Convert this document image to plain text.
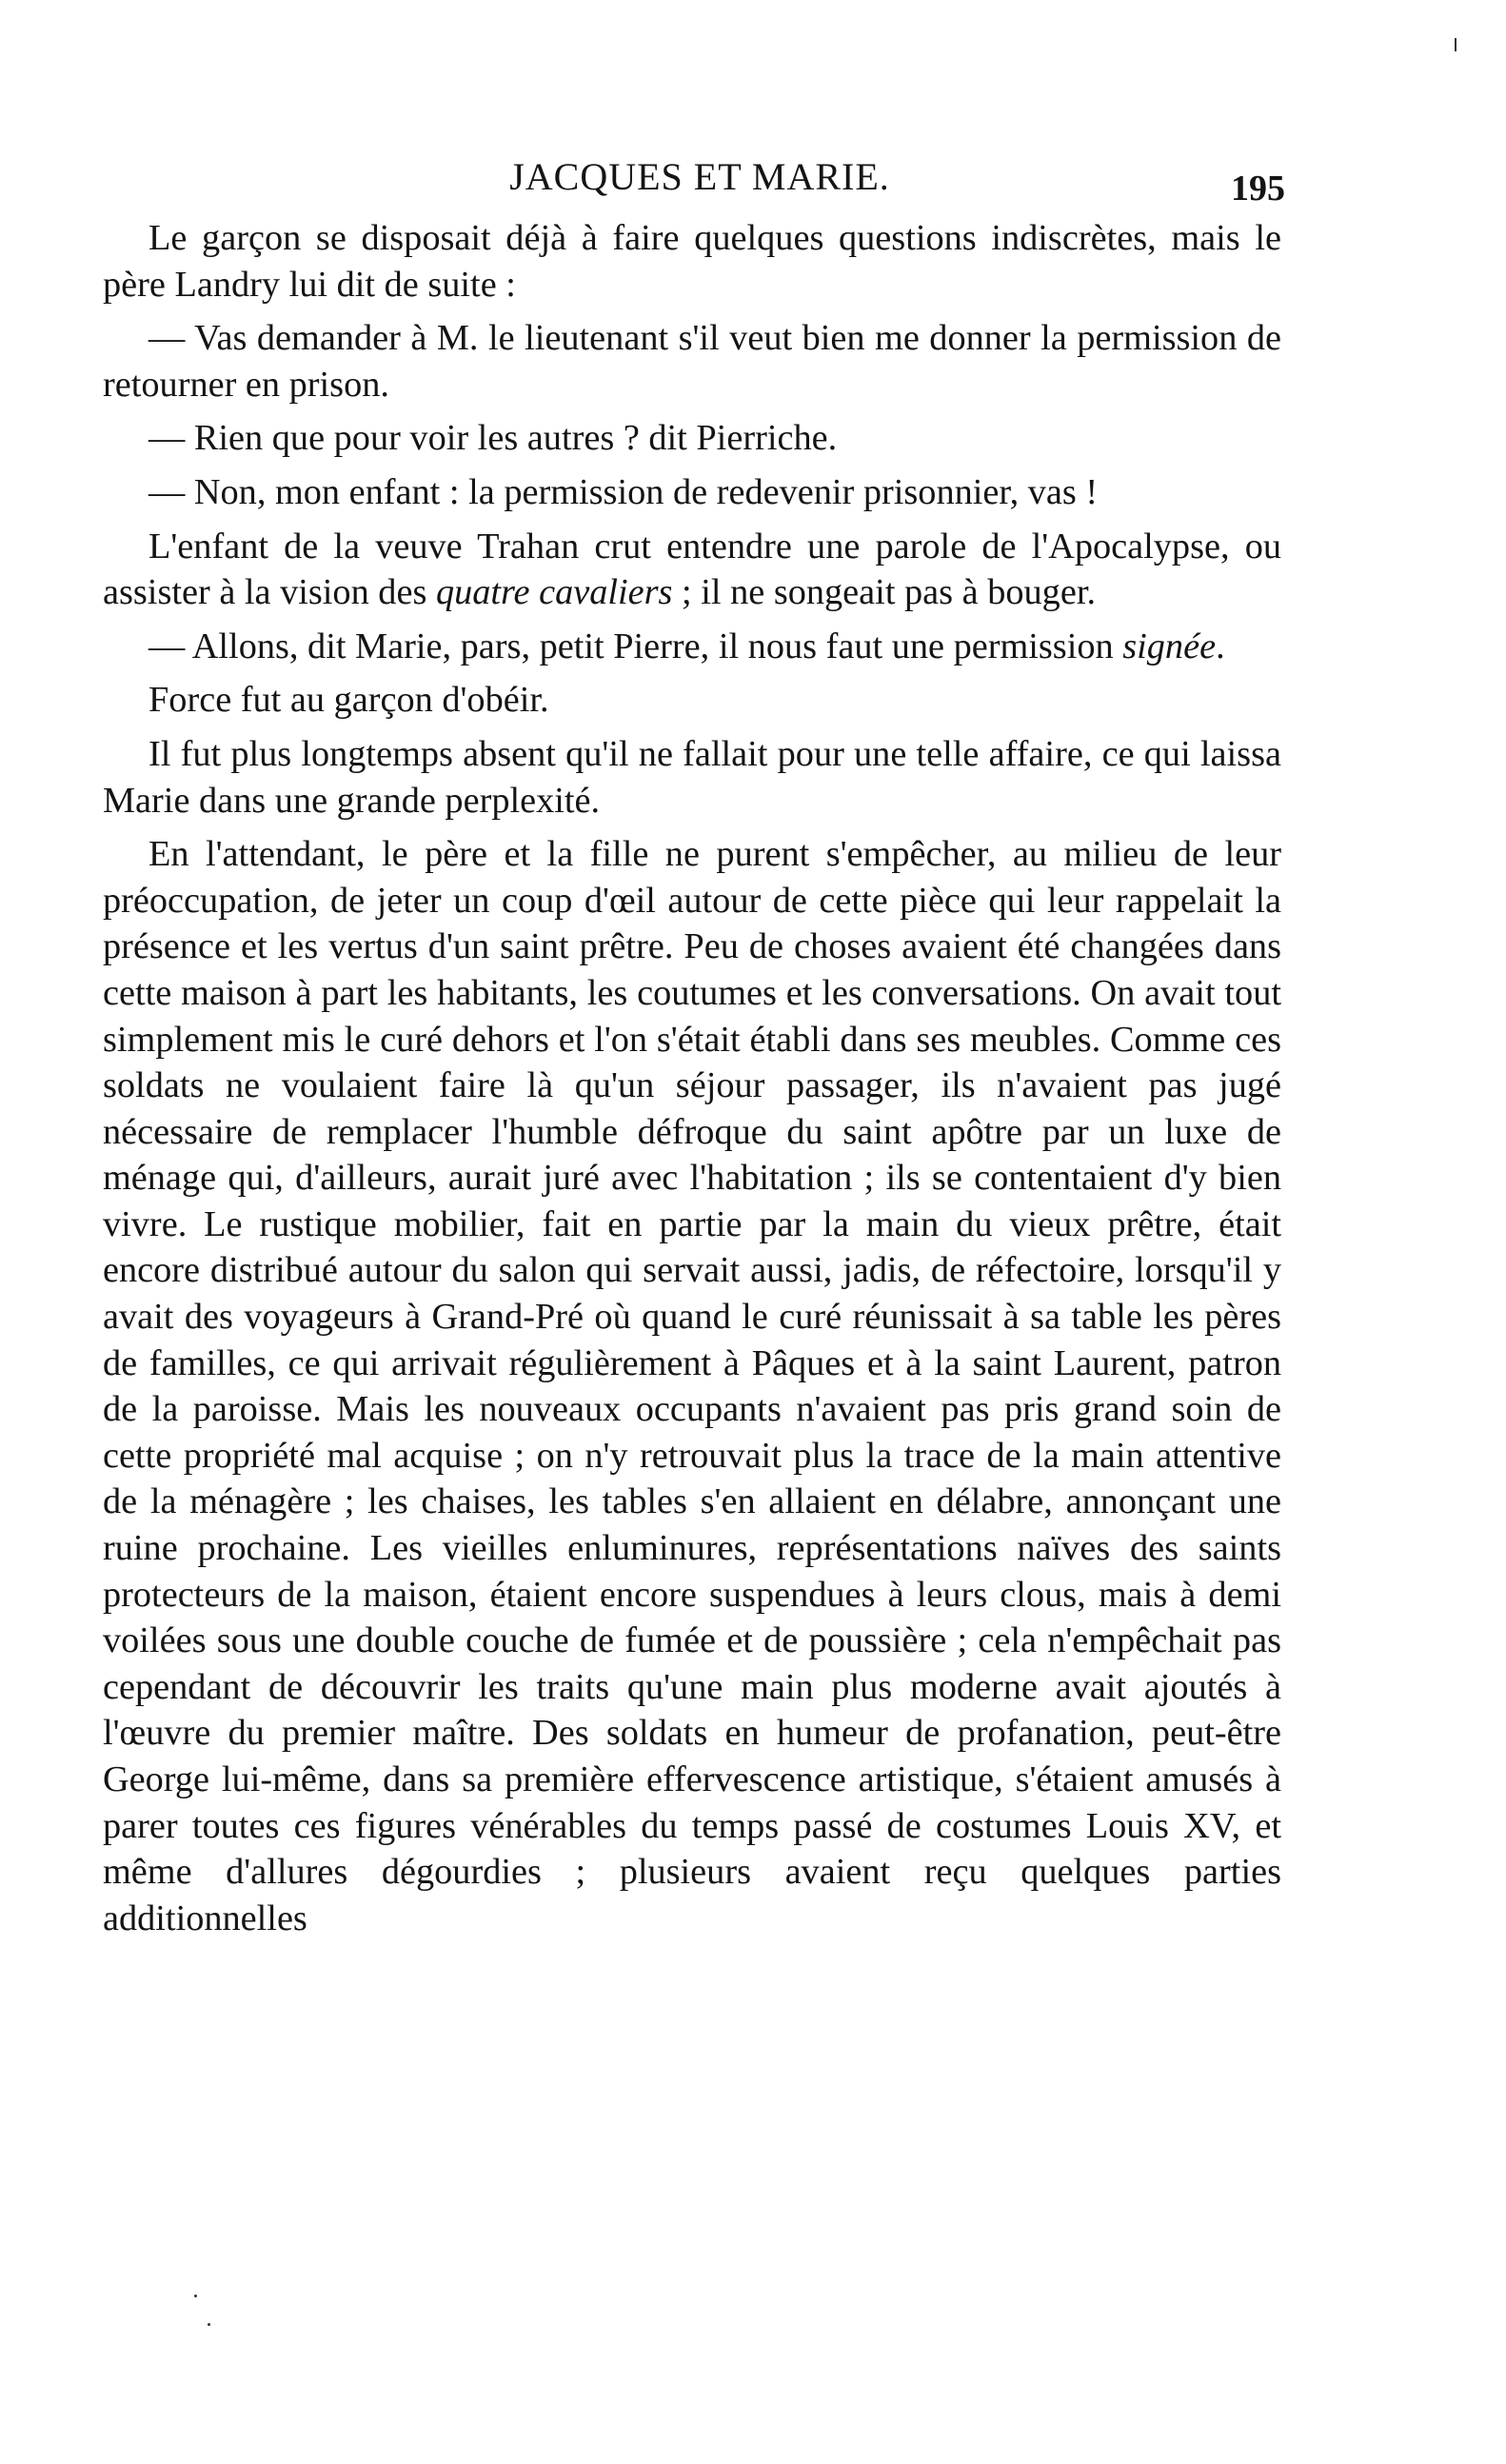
JACQUES ET MARIE.	195

Le garçon se disposait déjà à faire quelques questions indiscrètes, mais le père Landry lui dit de suite :

— Vas demander à M. le lieutenant s'il veut bien me donner la permission de retourner en prison.

— Rien que pour voir les autres ? dit Pierriche.

— Non, mon enfant : la permission de redevenir prisonnier, vas !

L'enfant de la veuve Trahan crut entendre une parole de l'Apocalypse, ou assister à la vision des quatre cavaliers ; il ne songeait pas à bouger.

— Allons, dit Marie, pars, petit Pierre, il nous faut une permission signée.

Force fut au garçon d'obéir.

Il fut plus longtemps absent qu'il ne fallait pour une telle affaire, ce qui laissa Marie dans une grande perplexité.

En l'attendant, le père et la fille ne purent s'empêcher, au milieu de leur préoccupation, de jeter un coup d'œil autour de cette pièce qui leur rappelait la présence et les vertus d'un saint prêtre. Peu de choses avaient été changées dans cette maison à part les habitants, les coutumes et les conversations. On avait tout simplement mis le curé dehors et l'on s'était établi dans ses meubles. Comme ces soldats ne voulaient faire là qu'un séjour passager, ils n'avaient pas jugé nécessaire de remplacer l'humble défroque du saint apôtre par un luxe de ménage qui, d'ailleurs, aurait juré avec l'habitation ; ils se contentaient d'y bien vivre. Le rustique mobilier, fait en partie par la main du vieux prêtre, était encore distribué autour du salon qui servait aussi, jadis, de réfectoire, lorsqu'il y avait des voyageurs à Grand-Pré où quand le curé réunissait à sa table les pères de familles, ce qui arrivait régulièrement à Pâques et à la saint Laurent, patron de la paroisse. Mais les nouveaux occupants n'avaient pas pris grand soin de cette propriété mal acquise ; on n'y retrouvait plus la trace de la main attentive de la ménagère ; les chaises, les tables s'en allaient en délabre, annonçant une ruine prochaine. Les vieilles enluminures, représentations naïves des saints protecteurs de la maison, étaient encore suspendues à leurs clous, mais à demi voilées sous une double couche de fumée et de poussière ; cela n'empêchait pas cependant de découvrir les traits qu'une main plus moderne avait ajoutés à l'œuvre du premier maître. Des soldats en humeur de profanation, peut-être George lui-même, dans sa première effervescence artistique, s'étaient amusés à parer toutes ces figures vénérables du temps passé de costumes Louis XV, et même d'allures dégourdies ; plusieurs avaient reçu quelques parties additionnelles
